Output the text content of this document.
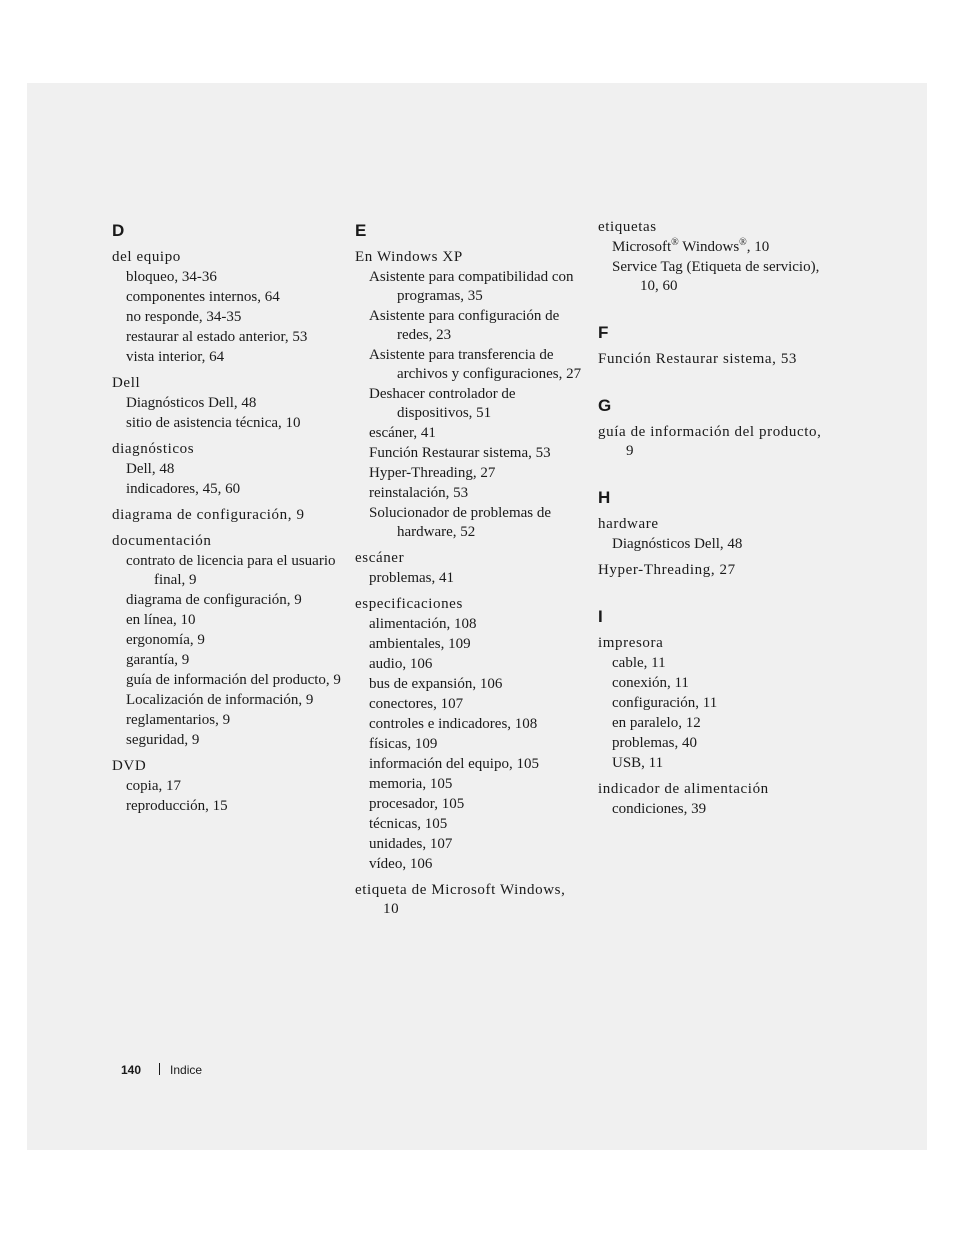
D
del equipo
bloqueo, 34-36
componentes internos, 64
no responde, 34-35
restaurar al estado anterior, 53
vista interior, 64
Dell
Diagnósticos Dell, 48
sitio de asistencia técnica, 10
diagnósticos
Dell, 48
indicadores, 45, 60
diagrama de configuración, 9
documentación
contrato de licencia para el usuario final, 9
diagrama de configuración, 9
en línea, 10
ergonomía, 9
garantía, 9
guía de información del producto, 9
Localización de información, 9
reglamentarios, 9
seguridad, 9
DVD
copia, 17
reproducción, 15
E
En Windows XP
Asistente para compatibilidad con programas, 35
Asistente para configuración de redes, 23
Asistente para transferencia de archivos y configuraciones, 27
Deshacer controlador de dispositivos, 51
escáner, 41
Función Restaurar sistema, 53
Hyper-Threading, 27
reinstalación, 53
Solucionador de problemas de hardware, 52
escáner
problemas, 41
especificaciones
alimentación, 108
ambientales, 109
audio, 106
bus de expansión, 106
conectores, 107
controles e indicadores, 108
físicas, 109
información del equipo, 105
memoria, 105
procesador, 105
técnicas, 105
unidades, 107
vídeo, 106
etiqueta de Microsoft Windows, 10
etiquetas
Microsoft® Windows®, 10
Service Tag (Etiqueta de servicio), 10, 60
F
Función Restaurar sistema, 53
G
guía de información del producto, 9
H
hardware
Diagnósticos Dell, 48
Hyper-Threading, 27
I
impresora
cable, 11
conexión, 11
configuración, 11
en paralelo, 12
problemas, 40
USB, 11
indicador de alimentación
condiciones, 39
140 Indice
